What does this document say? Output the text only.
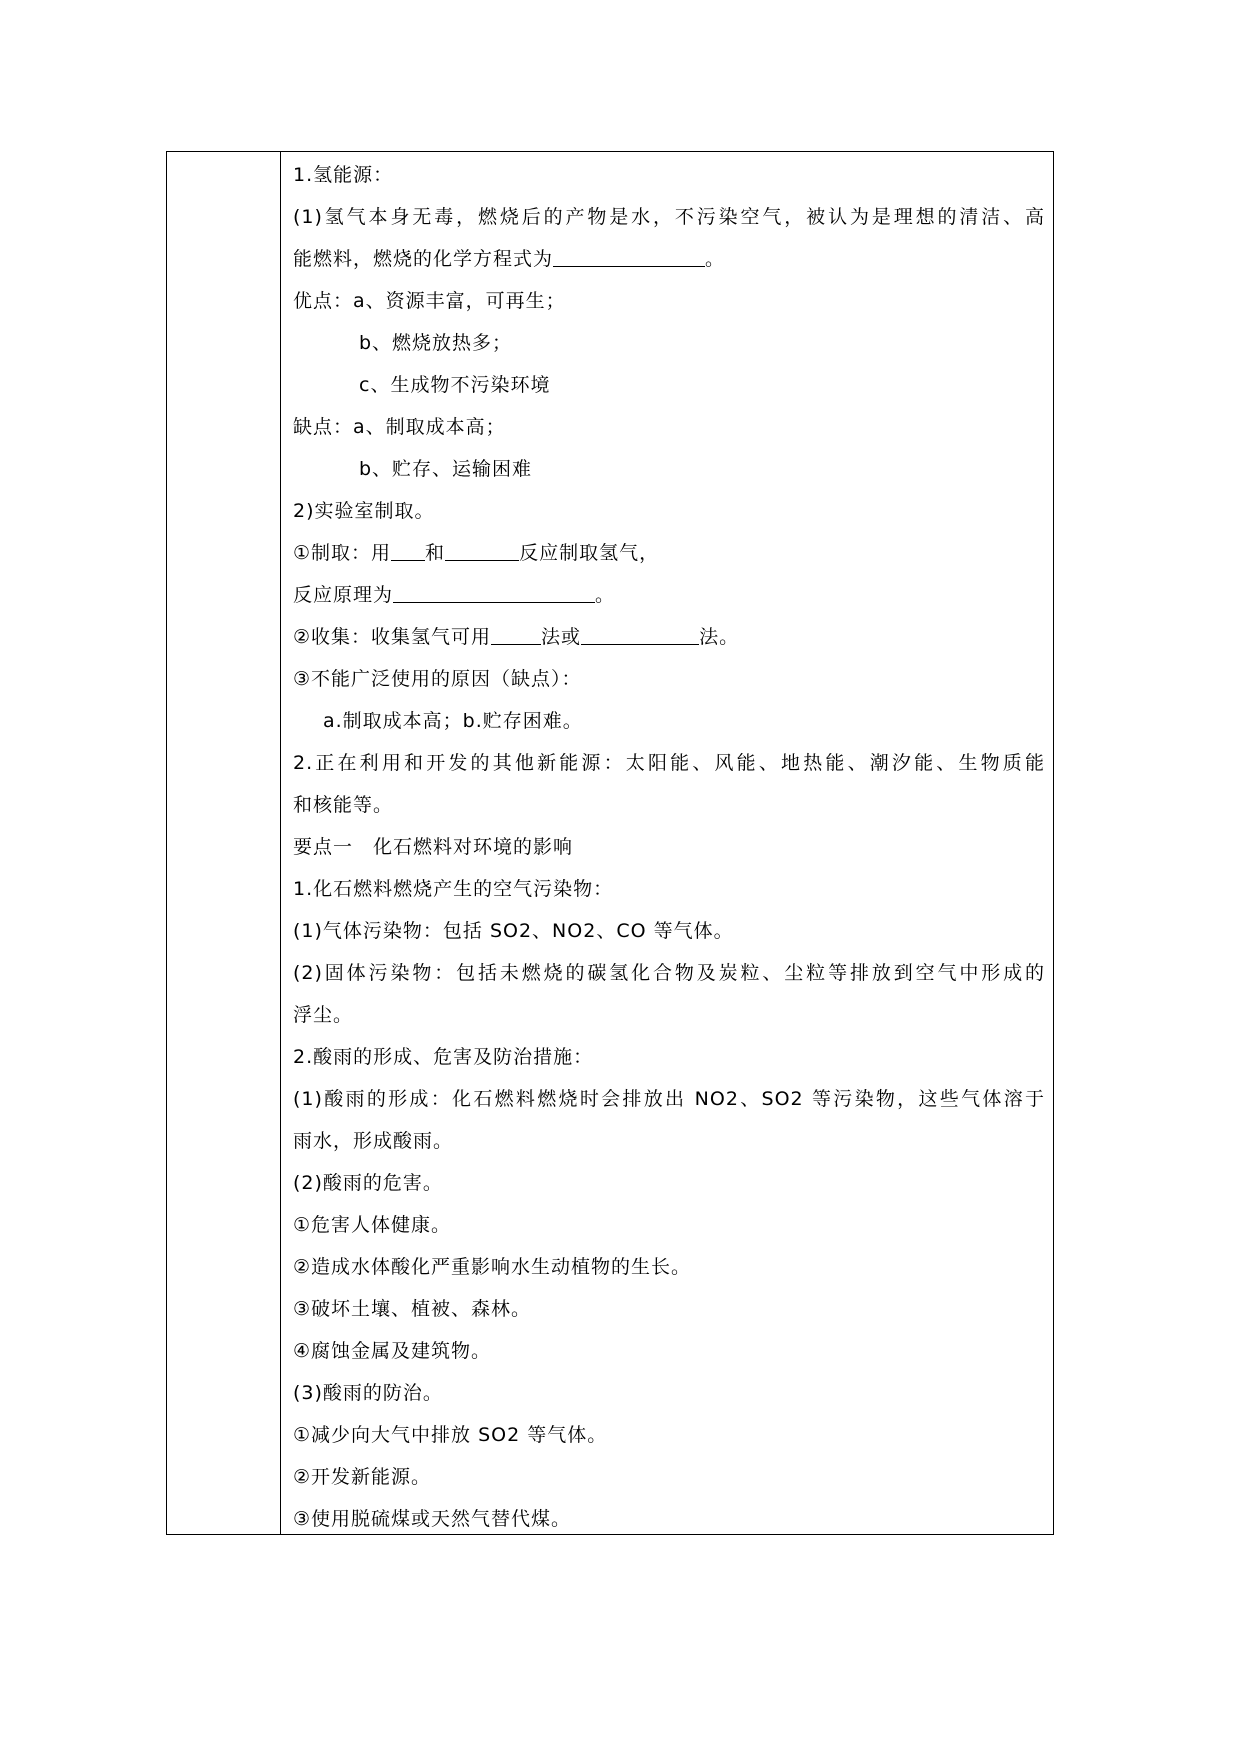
1.氢能源：
(1)氢气本身无毒，燃烧后的产物是水，不污染空气，被认为是理想的清洁、高
能燃料，燃烧的化学方程式为	。
优点：a、资源丰富，可再生；
b、燃烧放热多；
c、生成物不污染环境
缺点：a、制取成本高；
b、贮存、运输困难
2)实验室制取。
①制取：用 和	反应制取氢气，
反应原理为	。
②收集：收集氢气可用	法或	法。
③不能广泛使用的原因（缺点）：
a.制取成本高；b.贮存困难。
2.正在利用和开发的其他新能源：太阳能、风能、地热能、潮汐能、生物质能
和核能等。
要点一　化石燃料对环境的影响
1.化石燃料燃烧产生的空气污染物：
(1)气体污染物：包括 SO2、NO2、CO 等气体。
(2)固体污染物：包括未燃烧的碳氢化合物及炭粒、尘粒等排放到空气中形成的
浮尘。
2.酸雨的形成、危害及防治措施：
(1)酸雨的形成：化石燃料燃烧时会排放出 NO2、SO2 等污染物，这些气体溶于
雨水，形成酸雨。
(2)酸雨的危害。
①危害人体健康。
②造成水体酸化严重影响水生动植物的生长。
③破坏土壤、植被、森林。
④腐蚀金属及建筑物。
(3)酸雨的防治。
①减少向大气中排放 SO2 等气体。
②开发新能源。
③使用脱硫煤或天然气替代煤。
